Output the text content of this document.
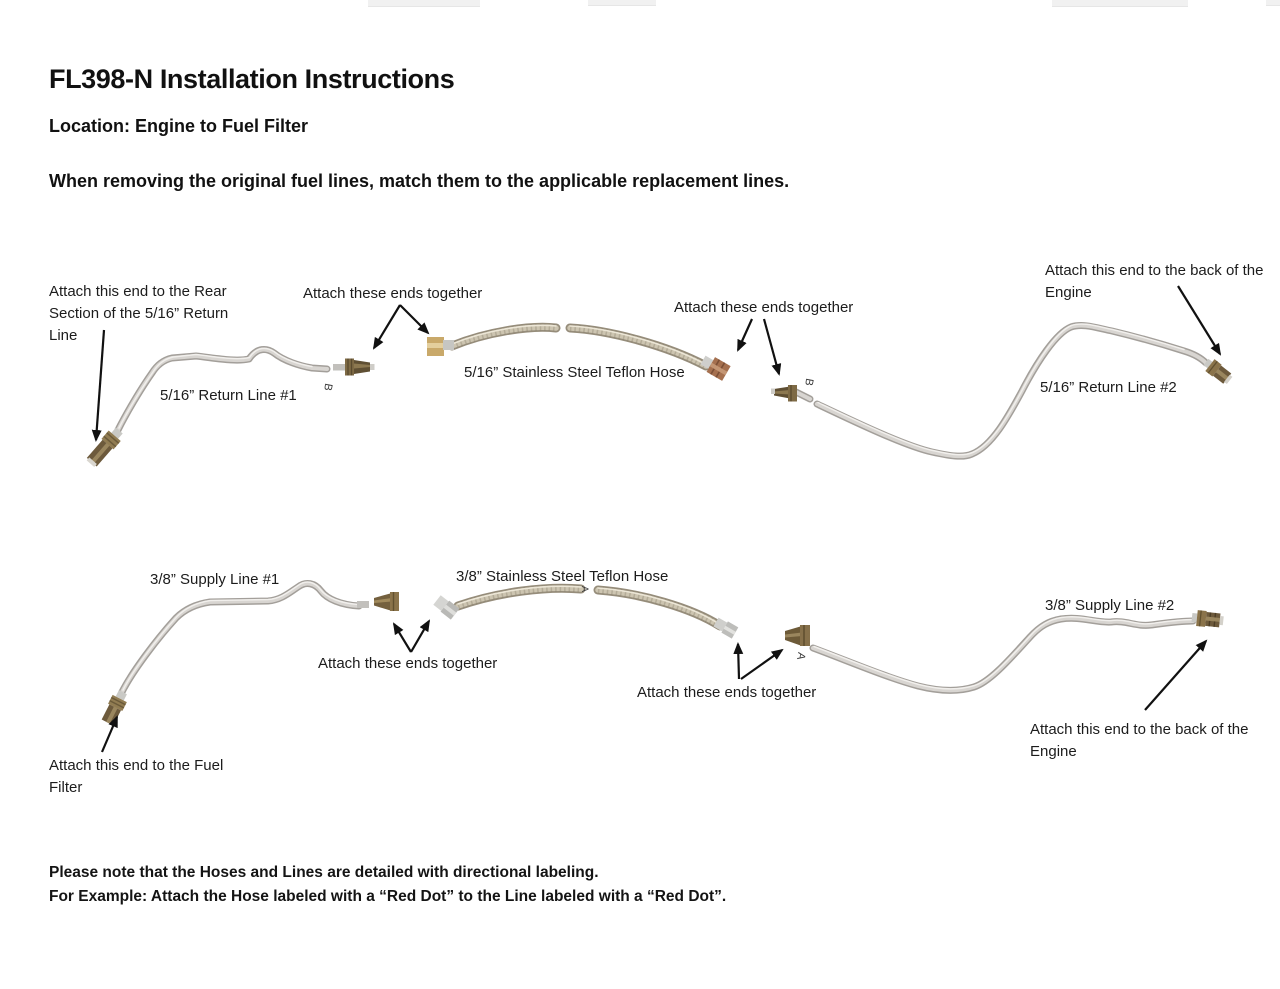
FL398-N Installation Instructions
Location: Engine to Fuel Filter
When removing the original fuel lines, match them to the applicable replacement lines.
Attach this end to the Rear Section of the 5/16” Return Line
Attach these ends together
Attach these ends together
Attach this end to the back of the Engine
5/16” Return Line #1
5/16” Stainless Steel Teflon Hose
5/16” Return Line #2
3/8” Supply Line #1	3/8” Stainless Steel Teflon Hose
3/8” Supply Line #2
Attach these ends together
Attach these ends together
Attach this end to the Fuel Filter
Attach this end to the back of the Engine
B
B
A
A
Please note that the Hoses and Lines are detailed with directional labeling.
For Example: Attach the Hose labeled with a “Red Dot” to the Line labeled with a “Red Dot”.
